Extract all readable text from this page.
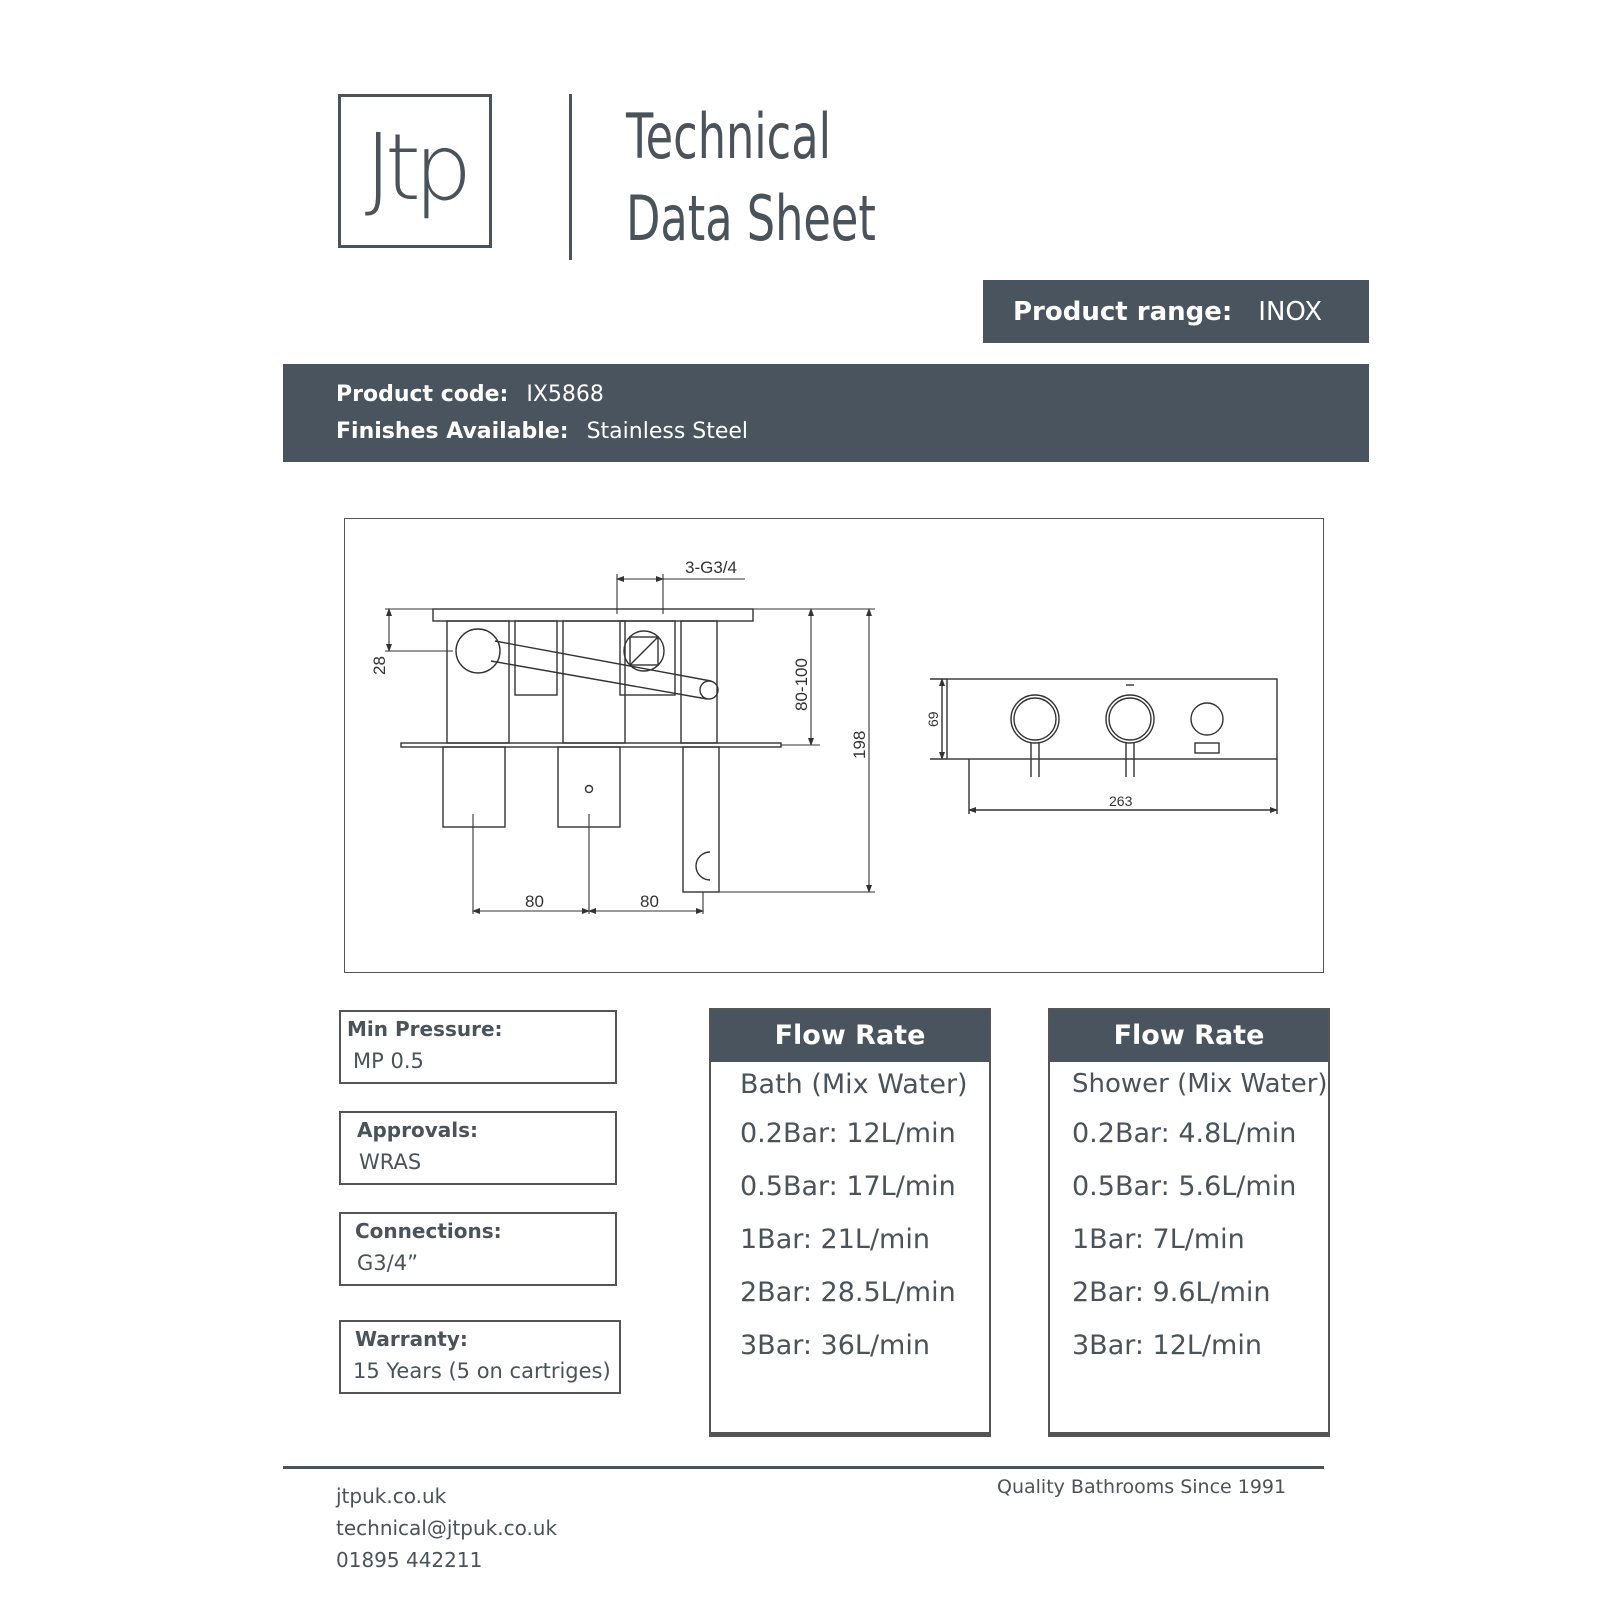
Jtp	Technical
Data Sheet
Product range: INOX
Product code: IX5868
Finishes Available: Stainless Steel
3-G3/4
28	80-100
198
80	80
69
263
Min Pressure:
MP 0.5
Approvals:
WRAS
Connections:
G3/4”
Warranty:
15 Years (5 on cartriges)
Flow Rate
Bath (Mix Water)
0.2Bar: 12L/min
0.5Bar: 17L/min
1Bar: 21L/min
2Bar: 28.5L/min
3Bar: 36L/min
Flow Rate
Shower (Mix Water)
0.2Bar: 4.8L/min
0.5Bar: 5.6L/min
1Bar: 7L/min
2Bar: 9.6L/min
3Bar: 12L/min
jtpuk.co.uk
technical@jtpuk.co.uk
01895 442211
Quality Bathrooms Since 1991
